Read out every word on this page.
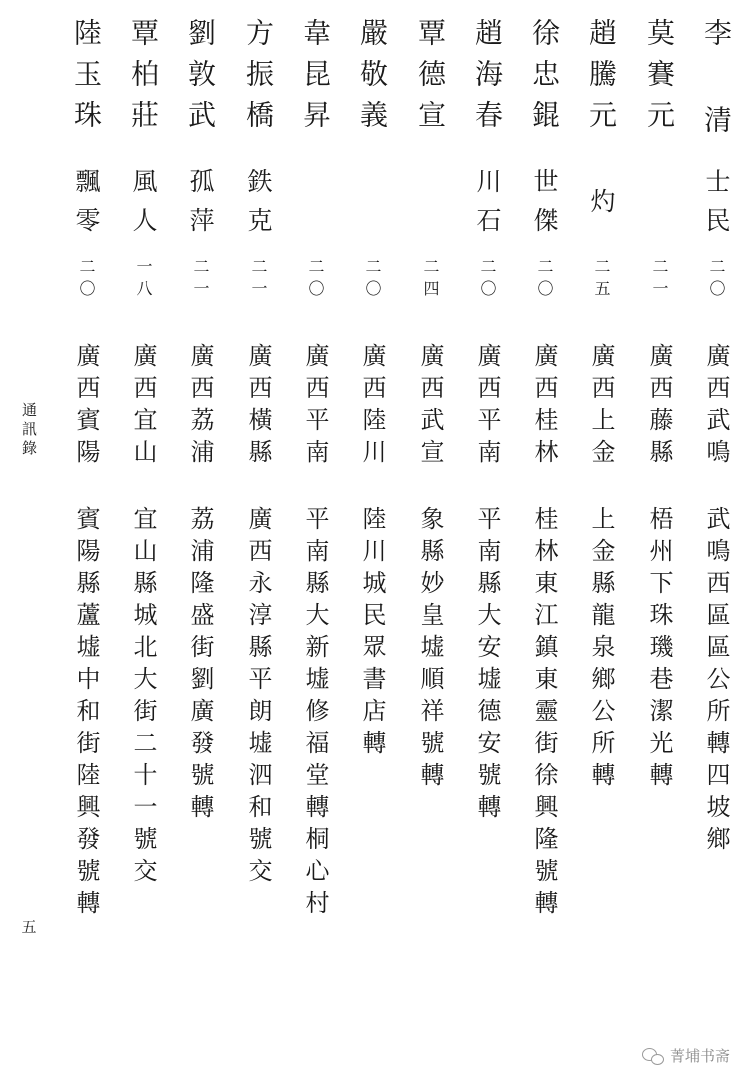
李 清
士民
二〇
廣西武鳴
武鳴西區區公所轉四坡鄉
莫賽元
二一
廣西藤縣
梧州下珠璣巷潔光轉
趙騰元
灼
二五
廣西上金
上金縣龍泉鄉公所轉
徐忠錕
世傑
二〇
廣西桂林
桂林東江鎮東靈街徐興隆號轉
趙海春
川石
二〇
廣西平南
平南縣大安墟德安號轉
覃德宣
二四
廣西武宣
象縣妙皇墟順祥號轉
嚴敬義
二〇
廣西陸川
陸川城民眾書店轉
韋昆昇
二〇
廣西平南
平南縣大新墟修福堂轉桐心村
方振橋
鉄克
二一
廣西橫縣
廣西永淳縣平朗墟泗和號交
劉敦武
孤萍
二一
廣西荔浦
荔浦隆盛街劉廣發號轉
覃柏莊
風人
一八
廣西宜山
宜山縣城北大街二十一號交
陸玉珠
飄零
二〇
廣西賓陽
賓陽縣蘆墟中和街陸興發號轉
通訊錄
五
菁埔书斋
